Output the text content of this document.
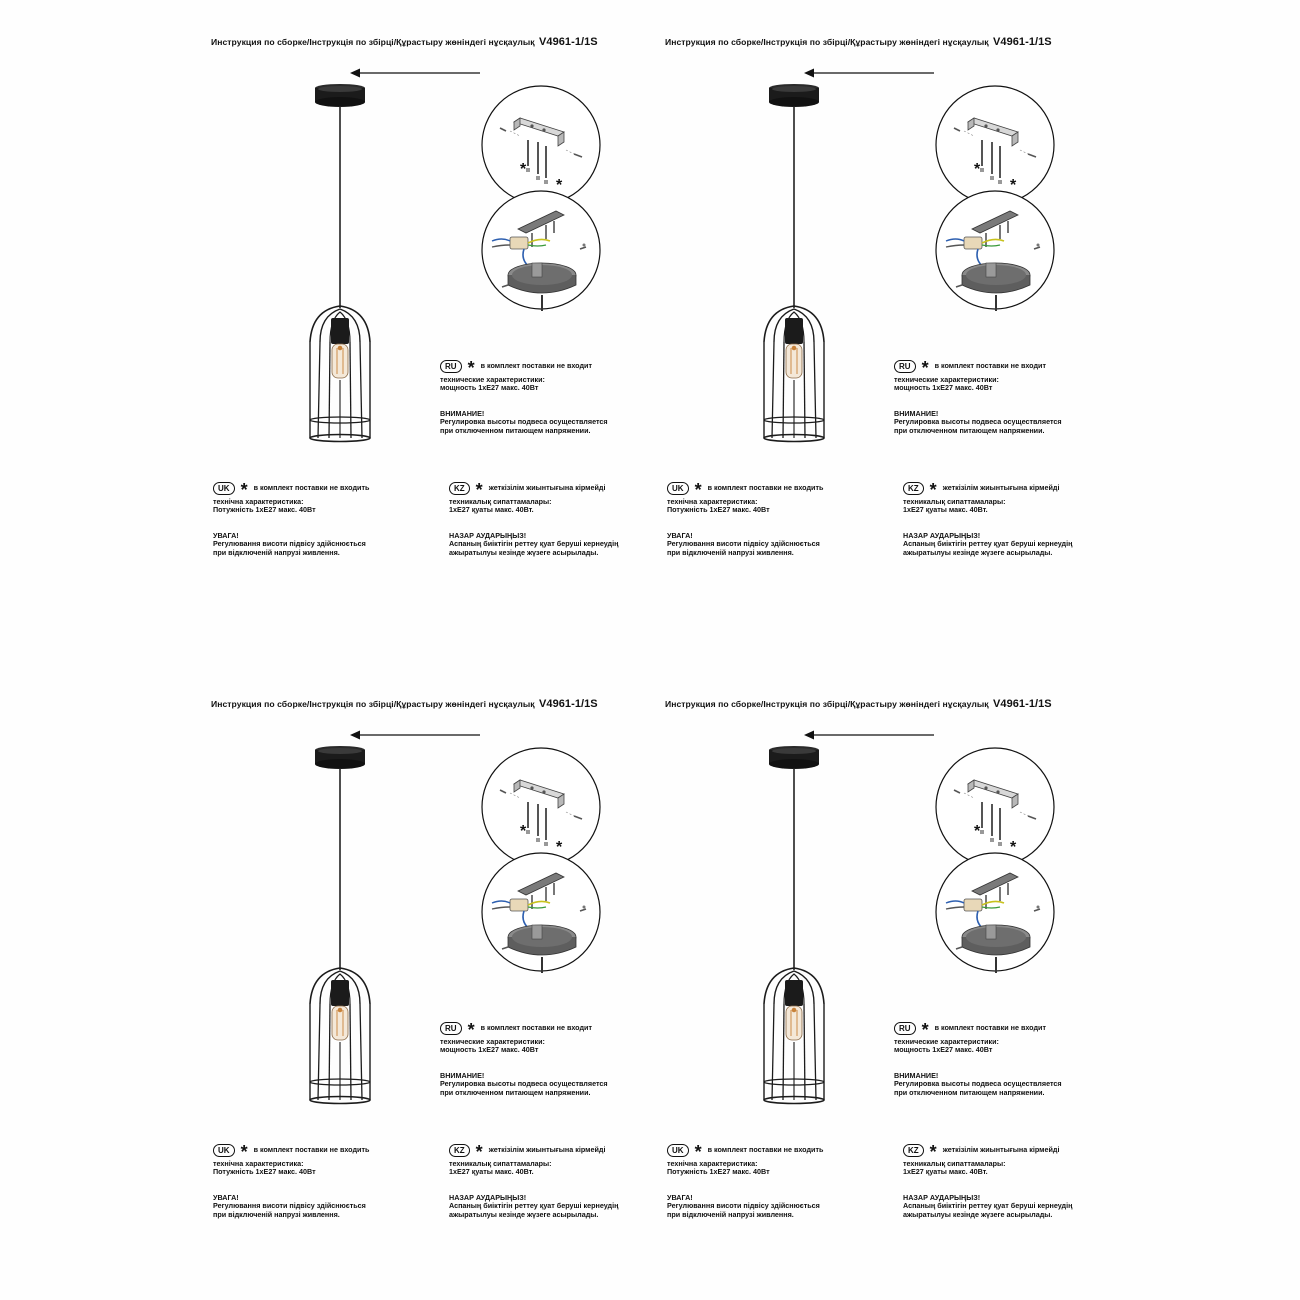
Инструкция по сборке/Інструкція по збірці/Құрастыру жөніндегі нұсқаулық V4961-1/1S
*
*
RU * в комплект поставки не входит
технические характеристики:
мощность 1хЕ27 макс. 40Вт
ВНИМАНИЕ!
Регулировка высоты подвеса осуществляется
при отключенном питающем напряжении.
UK * в комплект поставки не входить
технічна характеристика:
Потужність 1хЕ27 макс. 40Вт
УВАГА!
Регулювання висоти підвісу здійснюється
при відключеній напрузі живлення.
KZ * жеткізілім жиынтығына кірмейді
техникалық сипаттамалары:
1хЕ27 қуаты макс. 40Вт.
НАЗАР АУДАРЫҢЫЗ!
Аспаның биіктігін реттеу қуат беруші кернеудің
ажыратылуы кезінде жүзеге асырылады.
Инструкция по сборке/Інструкція по збірці/Құрастыру жөніндегі нұсқаулық V4961-1/1S
*
*
RU * в комплект поставки не входит
технические характеристики:
мощность 1хЕ27 макс. 40Вт
ВНИМАНИЕ!
Регулировка высоты подвеса осуществляется
при отключенном питающем напряжении.
UK * в комплект поставки не входить
технічна характеристика:
Потужність 1хЕ27 макс. 40Вт
УВАГА!
Регулювання висоти підвісу здійснюється
при відключеній напрузі живлення.
KZ * жеткізілім жиынтығына кірмейді
техникалық сипаттамалары:
1хЕ27 қуаты макс. 40Вт.
НАЗАР АУДАРЫҢЫЗ!
Аспаның биіктігін реттеу қуат беруші кернеудің
ажыратылуы кезінде жүзеге асырылады.
Инструкция по сборке/Інструкція по збірці/Құрастыру жөніндегі нұсқаулық V4961-1/1S
*
*
RU * в комплект поставки не входит
технические характеристики:
мощность 1хЕ27 макс. 40Вт
ВНИМАНИЕ!
Регулировка высоты подвеса осуществляется
при отключенном питающем напряжении.
UK * в комплект поставки не входить
технічна характеристика:
Потужність 1хЕ27 макс. 40Вт
УВАГА!
Регулювання висоти підвісу здійснюється
при відключеній напрузі живлення.
KZ * жеткізілім жиынтығына кірмейді
техникалық сипаттамалары:
1хЕ27 қуаты макс. 40Вт.
НАЗАР АУДАРЫҢЫЗ!
Аспаның биіктігін реттеу қуат беруші кернеудің
ажыратылуы кезінде жүзеге асырылады.
Инструкция по сборке/Інструкція по збірці/Құрастыру жөніндегі нұсқаулық V4961-1/1S
*
*
RU * в комплект поставки не входит
технические характеристики:
мощность 1хЕ27 макс. 40Вт
ВНИМАНИЕ!
Регулировка высоты подвеса осуществляется
при отключенном питающем напряжении.
UK * в комплект поставки не входить
технічна характеристика:
Потужність 1хЕ27 макс. 40Вт
УВАГА!
Регулювання висоти підвісу здійснюється
при відключеній напрузі живлення.
KZ * жеткізілім жиынтығына кірмейді
техникалық сипаттамалары:
1хЕ27 қуаты макс. 40Вт.
НАЗАР АУДАРЫҢЫЗ!
Аспаның биіктігін реттеу қуат беруші кернеудің
ажыратылуы кезінде жүзеге асырылады.
